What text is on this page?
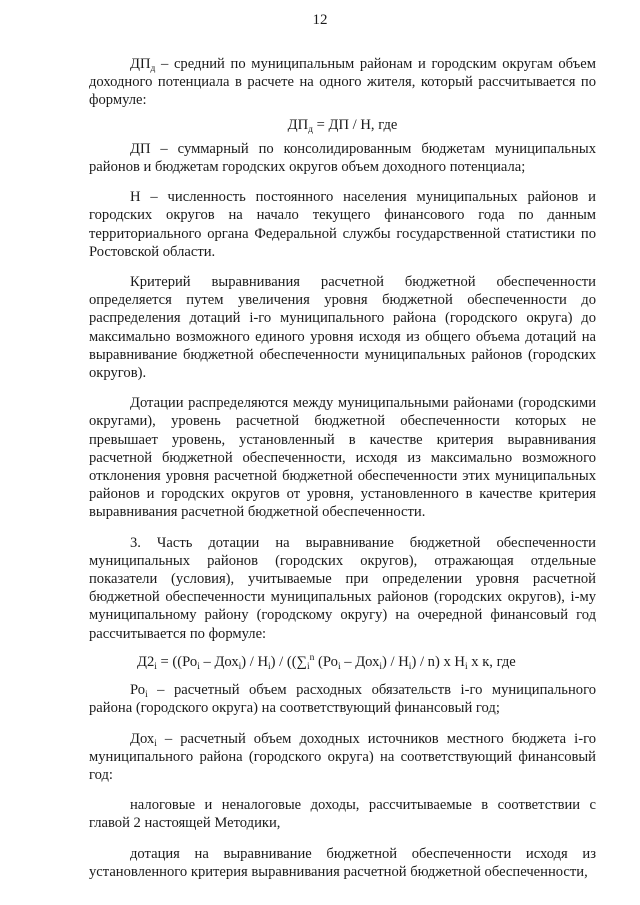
12

$ДП_д$ – средний по муниципальным районам и городским округам объем доходного потенциала в расчете на одного жителя, который рассчитывается по формуле:

$ДП_д$ = ДП / Н, где

ДП – суммарный по консолидированным бюджетам муниципальных районов и бюджетам городских округов объем доходного потенциала;

Н – численность постоянного населения муниципальных районов и городских округов на начало текущего финансового года по данным территориального органа Федеральной службы государственной статистики по Ростовской области.

Критерий выравнивания расчетной бюджетной обеспеченности определяется путем увеличения уровня бюджетной обеспеченности до распределения дотаций i-го муниципального района (городского округа) до максимально возможного единого уровня исходя из общего объема дотаций на выравнивание бюджетной обеспеченности муниципальных районов (городских округов).

Дотации распределяются между муниципальными районами (городскими округами), уровень расчетной бюджетной обеспеченности которых не превышает уровень, установленный в качестве критерия выравнивания расчетной бюджетной обеспеченности, исходя из максимально возможного отклонения уровня расчетной бюджетной обеспеченности этих муниципальных районов и городских округов от уровня, установленного в качестве критерия выравнивания расчетной бюджетной обеспеченности.

3. Часть дотации на выравнивание бюджетной обеспеченности муниципальных районов (городских округов), отражающая отдельные показатели (условия), учитываемые при определении уровня расчетной бюджетной обеспеченности муниципальных районов (городских округов), i-му муниципальному району (городскому округу) на очередной финансовый год рассчитывается по формуле:

$Д2_i = ((Ро_i - Дох_i) / Н_i) / ((\sum_i^n$ $(Ро_i - Дох_i) / Н_i) / n$) х $Н_i$ х к, где

$Ро_i$ – расчетный объем расходных обязательств i-го муниципального района (городского округа) на соответствующий финансовый год;

Дох$_i$ – расчетный объем доходных источников местного бюджета i-го муниципального района (городского округа) на соответствующий финансовый год:

налоговые и неналоговые доходы, рассчитываемые в соответствии с главой 2 настоящей Методики,

дотация на выравнивание бюджетной обеспеченности исходя из установленного критерия выравнивания расчетной бюджетной обеспеченности,
